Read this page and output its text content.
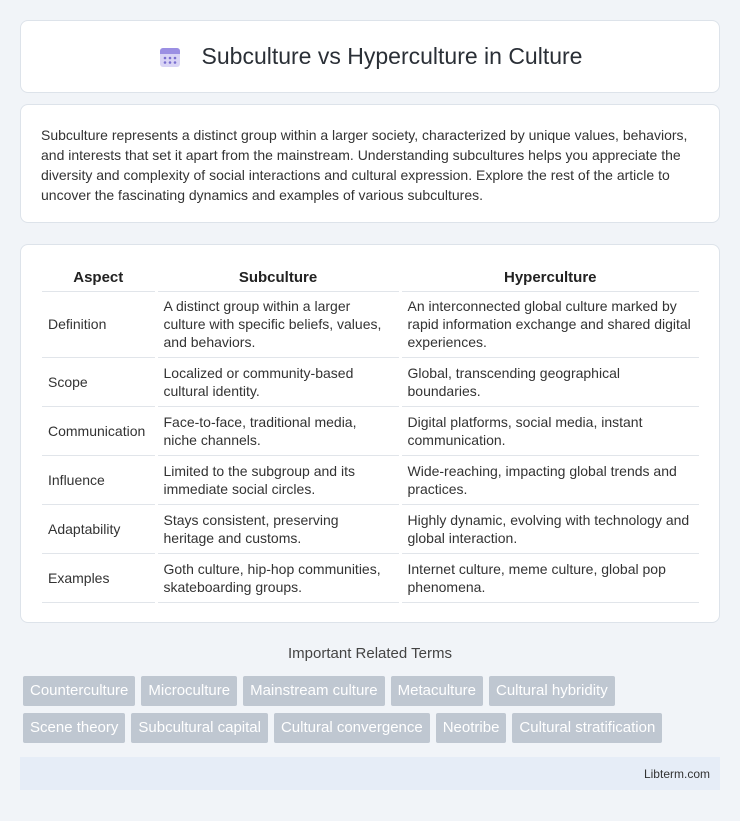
Subculture vs Hyperculture in Culture

Subculture represents a distinct group within a larger society, characterized by unique values, behaviors, and interests that set it apart from the mainstream. Understanding subcultures helps you appreciate the diversity and complexity of social interactions and cultural expression. Explore the rest of the article to uncover the fascinating dynamics and examples of various subcultures.

Aspect	Subculture	Hyperculture
Definition	A distinct group within a larger culture with specific beliefs, values, and behaviors.	An interconnected global culture marked by rapid information exchange and shared digital experiences.
Scope	Localized or community-based cultural identity.	Global, transcending geographical boundaries.
Communication	Face-to-face, traditional media, niche channels.	Digital platforms, social media, instant communication.
Influence	Limited to the subgroup and its immediate social circles.	Wide-reaching, impacting global trends and practices.
Adaptability	Stays consistent, preserving heritage and customs.	Highly dynamic, evolving with technology and global interaction.
Examples	Goth culture, hip-hop communities, skateboarding groups.	Internet culture, meme culture, global pop phenomena.
Important Related Terms
Counterculture	Microculture	Mainstream culture	Metaculture	Cultural hybridity
Scene theory	Subcultural capital	Cultural convergence	Neotribe	Cultural stratification
Libterm.com
